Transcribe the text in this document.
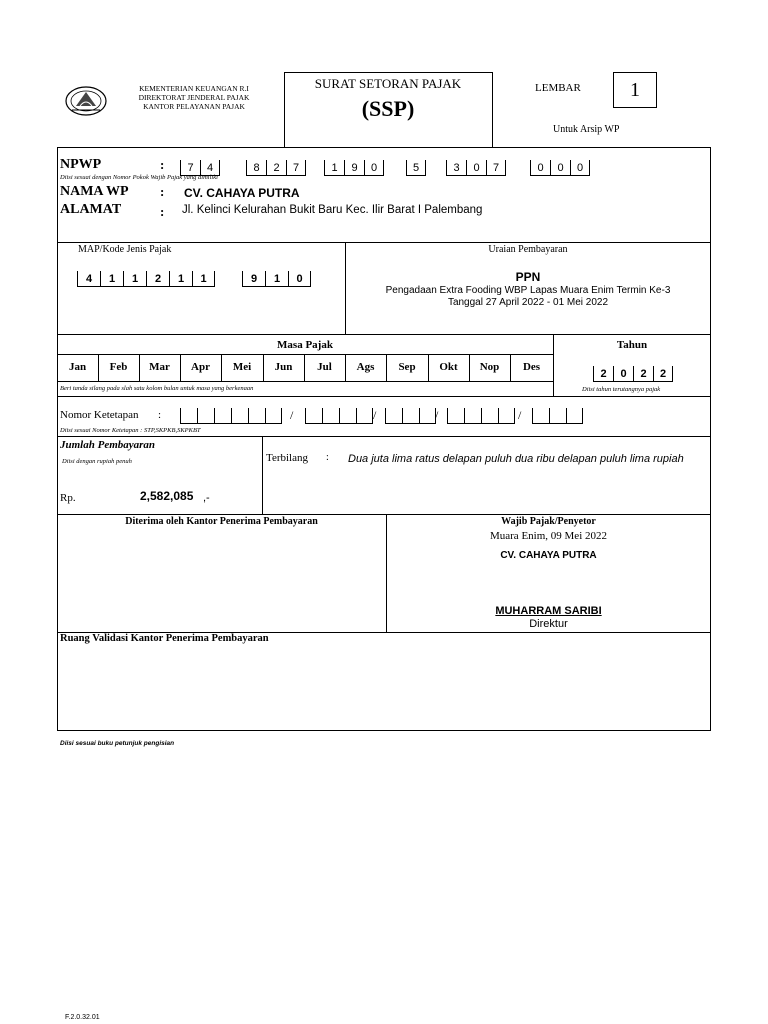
KEMENTERIAN KEUANGAN R.I
DIREKTORAT JENDERAL PAJAK
KANTOR PELAYANAN PAJAK
SURAT SETORAN PAJAK
(SSP)
LEMBAR	1
Untuk Arsip WP
NPWP	:	7	4	8	2	7	1	9	0	5	3	0	7	0	0	0
Diisi sesuai dengan Nomor Pokok Wajib Pajak yang dimiliki
NAMA WP : CV. CAHAYA PUTRA
ALAMAT	: Jl. Kelinci Kelurahan Bukit Baru Kec. Ilir Barat I Palembang
MAP/Kode Jenis Pajak
4	1	1	2	1	1	9	1	0
Uraian Pembayaran
PPN
Pengadaan Extra Fooding WBP Lapas Muara Enim Termin Ke-3
Tanggal 27 April 2022 - 01 Mei 2022
Masa Pajak
Jan	Feb	Mar	Apr	Mei	Jun	Jul	Ags	Sep	Okt	Nop	Des
Beri tanda silang pada slah satu kolom bulan untuk masa yang berkenaan
Tahun
2	0	2	2
Diisi tahun terutangnya pajak
Nomor Ketetapan :	/	/	/	/
Diisi sesuai Nomor Ketetapan : STP,SKPKB,SKPKBT
Jumlah Pembayaran
Diisi dengan rupiah penuh
Rp.	2,582,085 ,-
Terbilang : Dua juta lima ratus delapan puluh dua ribu delapan puluh lima rupiah
Diterima oleh Kantor Penerima Pembayaran	Wajib Pajak/Penyetor
Muara Enim, 09 Mei 2022
CV. CAHAYA PUTRA
MUHARRAM SARIBI
Direktur
Ruang Validasi Kantor Penerima Pembayaran
Diisi sesuai buku petunjuk pengisian
F.2.0.32.01
